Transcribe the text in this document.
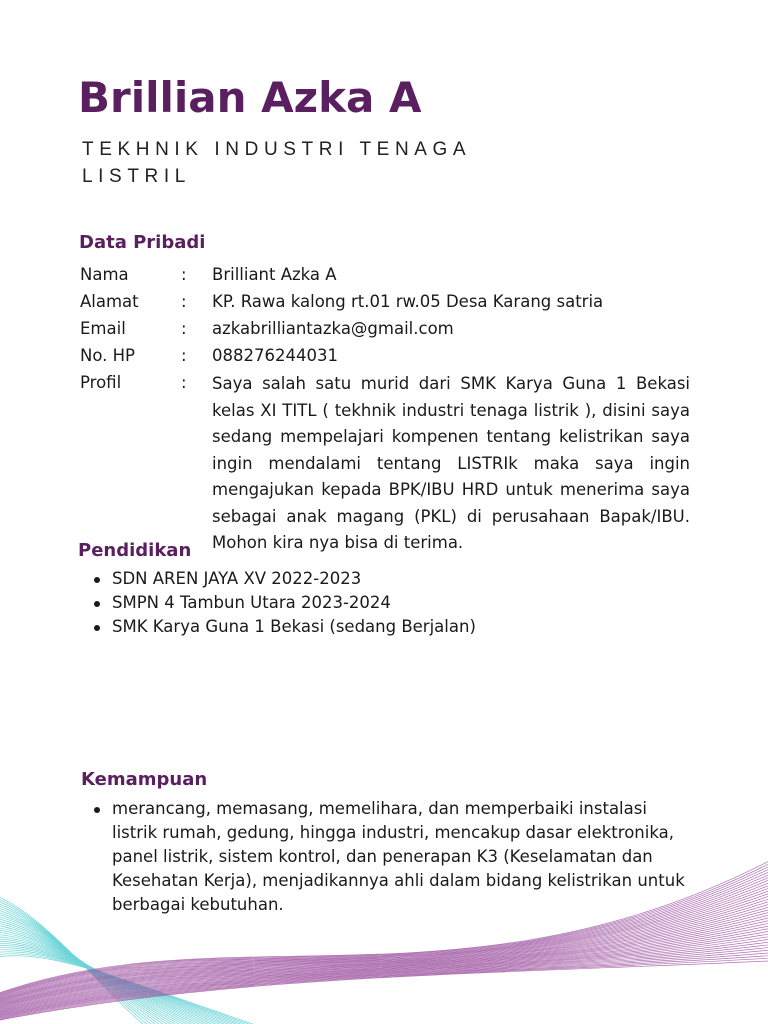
Brillian Azka A

TEKHNIK INDUSTRI TENAGA LISTRIL

Data Pribadi
Nama	: Brilliant Azka A
Alamat	: KP. Rawa kalong rt.01 rw.05 Desa Karang satria
Email	: azkabrilliantazka@gmail.com
No. HP	: 088276244031
Profil	: Saya salah satu murid dari SMK Karya Guna 1 Bekasi kelas XI TITL ( tekhnik industri tenaga listrik ), disini saya sedang mempelajari kompenen tentang kelistrikan saya ingin mendalami tentang LISTRIk maka saya ingin mengajukan kepada BPK/IBU HRD untuk menerima saya sebagai anak magang (PKL) di perusahaan Bapak/IBU. Mohon kira nya bisa di terima.

Pendidikan
SDN AREN JAYA XV 2022-2023
SMPN 4 Tambun Utara 2023-2024
SMK Karya Guna 1 Bekasi (sedang Berjalan)
Kemampuan
merancang, memasang, memelihara, dan memperbaiki instalasi listrik rumah, gedung, hingga industri, mencakup dasar elektronika, panel listrik, sistem kontrol, dan penerapan K3 (Keselamatan dan Kesehatan Kerja), menjadikannya ahli dalam bidang kelistrikan untuk berbagai kebutuhan.
